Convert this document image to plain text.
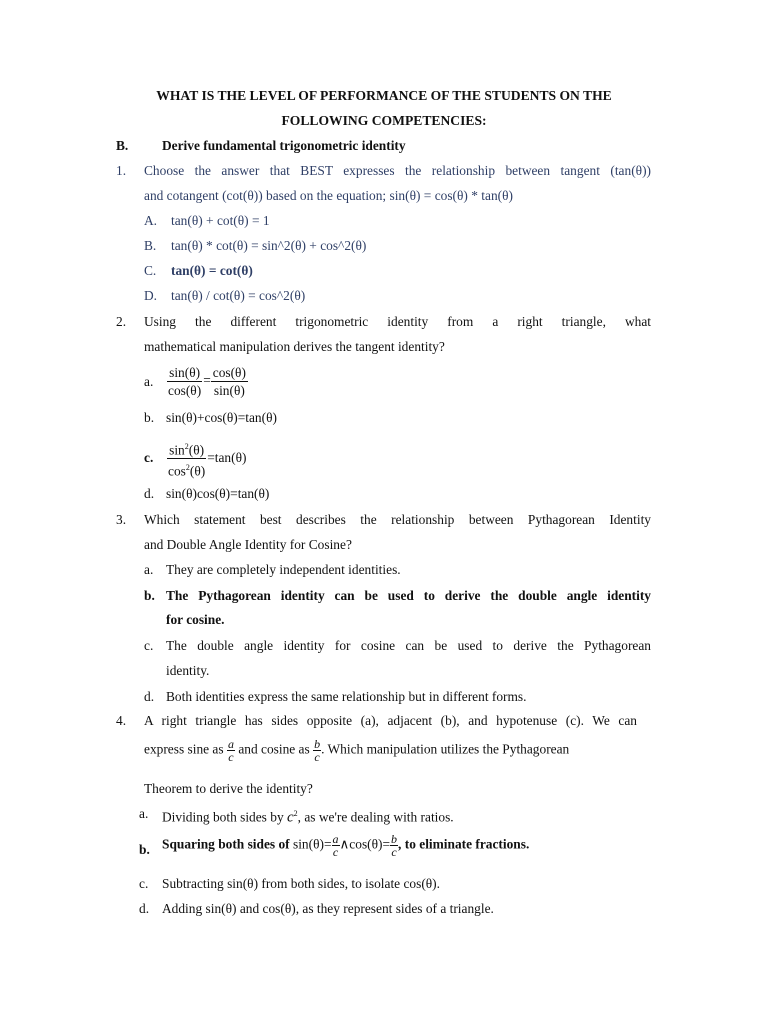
WHAT IS THE LEVEL OF PERFORMANCE OF THE STUDENTS ON THE
FOLLOWING COMPETENCIES:
B.	Derive fundamental trigonometric identity
1. Choose the answer that BEST expresses the relationship between tangent (tan(θ))
and cotangent (cot(θ)) based on the equation; sin(θ) = cos(θ) * tan(θ)
A. tan(θ) + cot(θ) = 1
B. tan(θ) * cot(θ) = sin^2(θ) + cos^2(θ)
C. tan(θ) = cot(θ)
D. tan(θ) / cot(θ) = cos^2(θ)
2. Using the different trigonometric identity from a right triangle, what
mathematical manipulation derives the tangent identity?
a. $\frac{\sin(\theta)}{\cos(\theta)} = \frac{\cos(\theta)}{\sin(\theta)}$
b. sin(θ)+cos(θ)=tan(θ)
c. $\frac{\sin^2(\theta)}{\cos^2(\theta)} =\tan(\theta)$
d. sin(θ)cos(θ)=tan(θ)
3. Which statement best describes the relationship between Pythagorean Identity
and Double Angle Identity for Cosine?
a. They are completely independent identities.
b. The Pythagorean identity can be used to derive the double angle identity
for cosine.
c. The double angle identity for cosine can be used to derive the Pythagorean
identity.
d. Both identities express the same relationship but in different forms.
4. A right triangle has sides opposite (a), adjacent (b), and hypotenuse (c). We can
express sine as $\frac{a}{c}$ and cosine as $\frac{b}{c}$ . Which manipulation utilizes the Pythagorean
Theorem to derive the identity?
a. Dividing both sides by $c^2$, as we're dealing with ratios.
b. Squaring both sides of $\sin(\theta)= \frac{a}{c}$ ∧cos(θ)= $\frac{b}{c}$ , to eliminate fractions.
c. Subtracting sin(θ) from both sides, to isolate cos(θ).
d. Adding sin(θ) and cos(θ), as they represent sides of a triangle.
